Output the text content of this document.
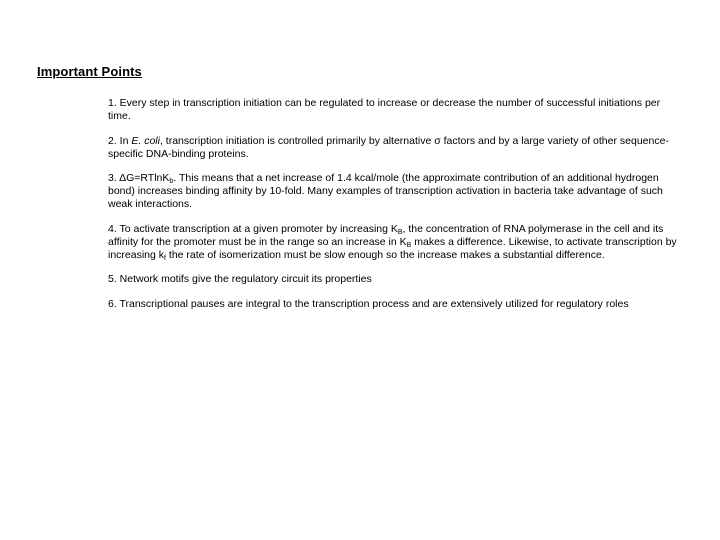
Important Points
1. Every step in transcription initiation can be regulated to increase or decrease the number of successful initiations per time.
2. In E. coli, transcription initiation is controlled primarily by alternative σ factors and by a large variety of other sequence-specific DNA-binding proteins.
3. ΔG=RTlnK$_b$. This means that a net increase of 1.4 kcal/mole (the approximate contribution of an additional hydrogen bond) increases binding affinity by 10-fold. Many examples of transcription activation in bacteria take advantage of such weak interactions.
4. To activate transcription at a given promoter by increasing $K_B$, the concentration of RNA polymerase in the cell and its affinity for the promoter must be in the range so an increase in $K_B$ makes a difference. Likewise, to activate transcription by increasing $k_f$ the rate of isomerization must be slow enough so the increase makes a substantial difference.
5. Network motifs give the regulatory circuit its properties
6. Transcriptional pauses are integral to the transcription process and are extensively utilized for regulatory roles
